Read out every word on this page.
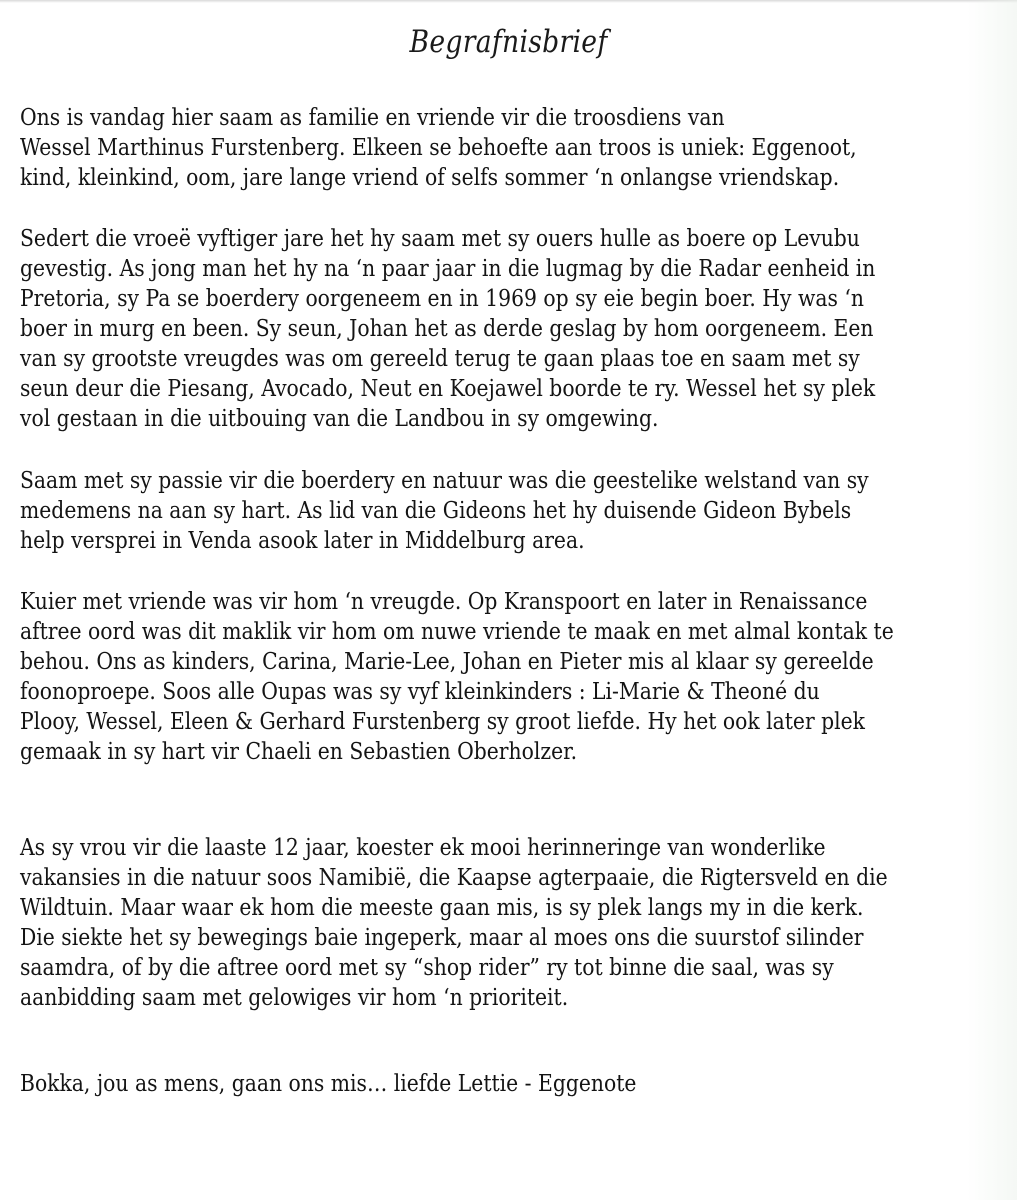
Begrafnisbrief

Ons is vandag hier saam as familie en vriende vir die troosdiens van
Wessel Marthinus Furstenberg. Elkeen se behoefte aan troos is uniek: Eggenoot,
kind, kleinkind, oom, jare lange vriend of selfs sommer ‘n onlangse vriendskap.

Sedert die vroeë vyftiger jare het hy saam met sy ouers hulle as boere op Levubu
gevestig. As jong man het hy na ‘n paar jaar in die lugmag by die Radar eenheid in
Pretoria, sy Pa se boerdery oorgeneem en in 1969 op sy eie begin boer. Hy was ‘n
boer in murg en been. Sy seun, Johan het as derde geslag by hom oorgeneem. Een
van sy grootste vreugdes was om gereeld terug te gaan plaas toe en saam met sy
seun deur die Piesang, Avocado, Neut en Koejawel boorde te ry. Wessel het sy plek
vol gestaan in die uitbouing van die Landbou in sy omgewing.

Saam met sy passie vir die boerdery en natuur was die geestelike welstand van sy
medemens na aan sy hart. As lid van die Gideons het hy duisende Gideon Bybels
help versprei in Venda asook later in Middelburg area.

Kuier met vriende was vir hom ‘n vreugde. Op Kranspoort en later in Renaissance
aftree oord was dit maklik vir hom om nuwe vriende te maak en met almal kontak te
behou. Ons as kinders, Carina, Marie-Lee, Johan en Pieter mis al klaar sy gereelde
foonoproepe. Soos alle Oupas was sy vyf kleinkinders : Li-Marie & Theoné du
Plooy, Wessel, Eleen & Gerhard Furstenberg sy groot liefde. Hy het ook later plek
gemaak in sy hart vir Chaeli en Sebastien Oberholzer.

As sy vrou vir die laaste 12 jaar, koester ek mooi herinneringe van wonderlike
vakansies in die natuur soos Namibië, die Kaapse agterpaaie, die Rigtersveld en die
Wildtuin. Maar waar ek hom die meeste gaan mis, is sy plek langs my in die kerk.
Die siekte het sy bewegings baie ingeperk, maar al moes ons die suurstof silinder
saamdra, of by die aftree oord met sy “shop rider” ry tot binne die saal, was sy
aanbidding saam met gelowiges vir hom ‘n prioriteit.

Bokka, jou as mens, gaan ons mis… liefde Lettie - Eggenote
